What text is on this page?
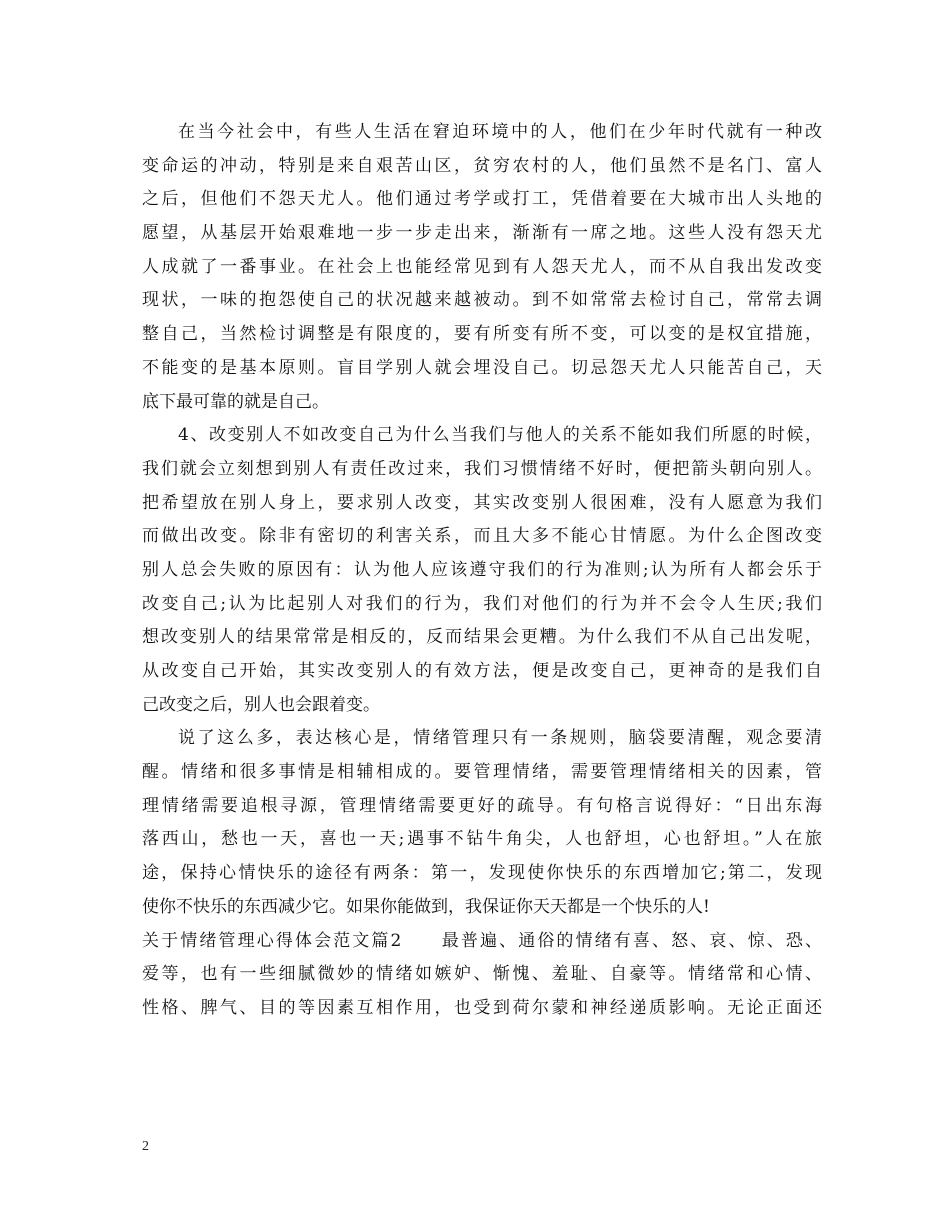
在当今社会中，有些人生活在窘迫环境中的人，他们在少年时代就有一种改
变命运的冲动，特别是来自艰苦山区，贫穷农村的人，他们虽然不是名门、富人
之后，但他们不怨天尤人。他们通过考学或打工，凭借着要在大城市出人头地的
愿望，从基层开始艰难地一步一步走出来，渐渐有一席之地。这些人没有怨天尤
人成就了一番事业。在社会上也能经常见到有人怨天尤人，而不从自我出发改变
现状，一味的抱怨使自己的状况越来越被动。到不如常常去检讨自己，常常去调
整自己，当然检讨调整是有限度的，要有所变有所不变，可以变的是权宜措施，
不能变的是基本原则。盲目学别人就会埋没自己。切忌怨天尤人只能苦自己，天
底下最可靠的就是自己。
4、改变别人不如改变自己为什么当我们与他人的关系不能如我们所愿的时候，
我们就会立刻想到别人有责任改过来，我们习惯情绪不好时，便把箭头朝向别人。
把希望放在别人身上，要求别人改变，其实改变别人很困难，没有人愿意为我们
而做出改变。除非有密切的利害关系，而且大多不能心甘情愿。为什么企图改变
别人总会失败的原因有：认为他人应该遵守我们的行为准则;认为所有人都会乐于
改变自己;认为比起别人对我们的行为，我们对他们的行为并不会令人生厌;我们
想改变别人的结果常常是相反的，反而结果会更糟。为什么我们不从自己出发呢，
从改变自己开始，其实改变别人的有效方法，便是改变自己，更神奇的是我们自
己改变之后，别人也会跟着变。
说了这么多，表达核心是，情绪管理只有一条规则，脑袋要清醒，观念要清
醒。情绪和很多事情是相辅相成的。要管理情绪，需要管理情绪相关的因素，管
理情绪需要追根寻源，管理情绪需要更好的疏导。有句格言说得好：“日出东海
落西山，愁也一天，喜也一天;遇事不钻牛角尖，人也舒坦，心也舒坦。”人在旅
途，保持心情快乐的途径有两条：第一，发现使你快乐的东西增加它;第二，发现
使你不快乐的东西减少它。如果你能做到，我保证你天天都是一个快乐的人!
关于情绪管理心得体会范文篇2　　最普遍、通俗的情绪有喜、怒、哀、惊、恐、
爱等，也有一些细腻微妙的情绪如嫉妒、惭愧、羞耻、自豪等。情绪常和心情、
性格、脾气、目的等因素互相作用，也受到荷尔蒙和神经递质影响。无论正面还
2
